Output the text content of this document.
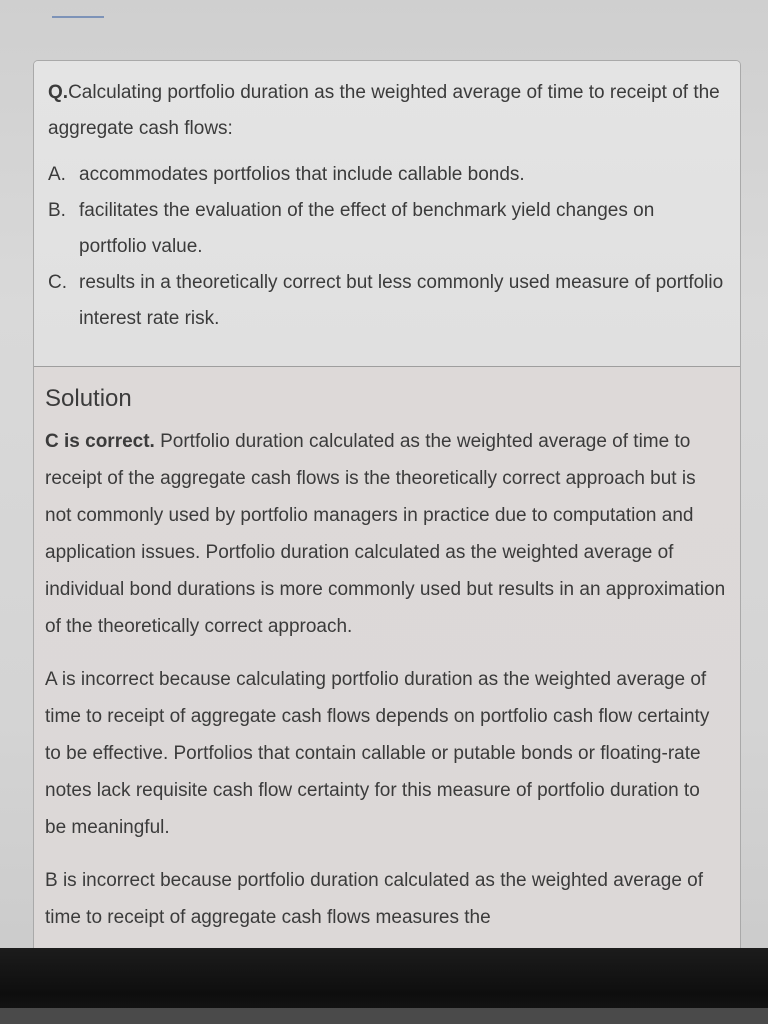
Q.Calculating portfolio duration as the weighted average of time to receipt of the aggregate cash flows:

A. accommodates portfolios that include callable bonds.
B. facilitates the evaluation of the effect of benchmark yield changes on portfolio value.
C. results in a theoretically correct but less commonly used measure of portfolio interest rate risk.
Solution

C is correct. Portfolio duration calculated as the weighted average of time to receipt of the aggregate cash flows is the theoretically correct approach but is not commonly used by portfolio managers in practice due to computation and application issues. Portfolio duration calculated as the weighted average of individual bond durations is more commonly used but results in an approximation of the theoretically correct approach.

A is incorrect because calculating portfolio duration as the weighted average of time to receipt of aggregate cash flows depends on portfolio cash flow certainty to be effective. Portfolios that contain callable or putable bonds or floating-rate notes lack requisite cash flow certainty for this measure of portfolio duration to be meaningful.

B is incorrect because portfolio duration calculated as the weighted average of time to receipt of aggregate cash flows measures the
